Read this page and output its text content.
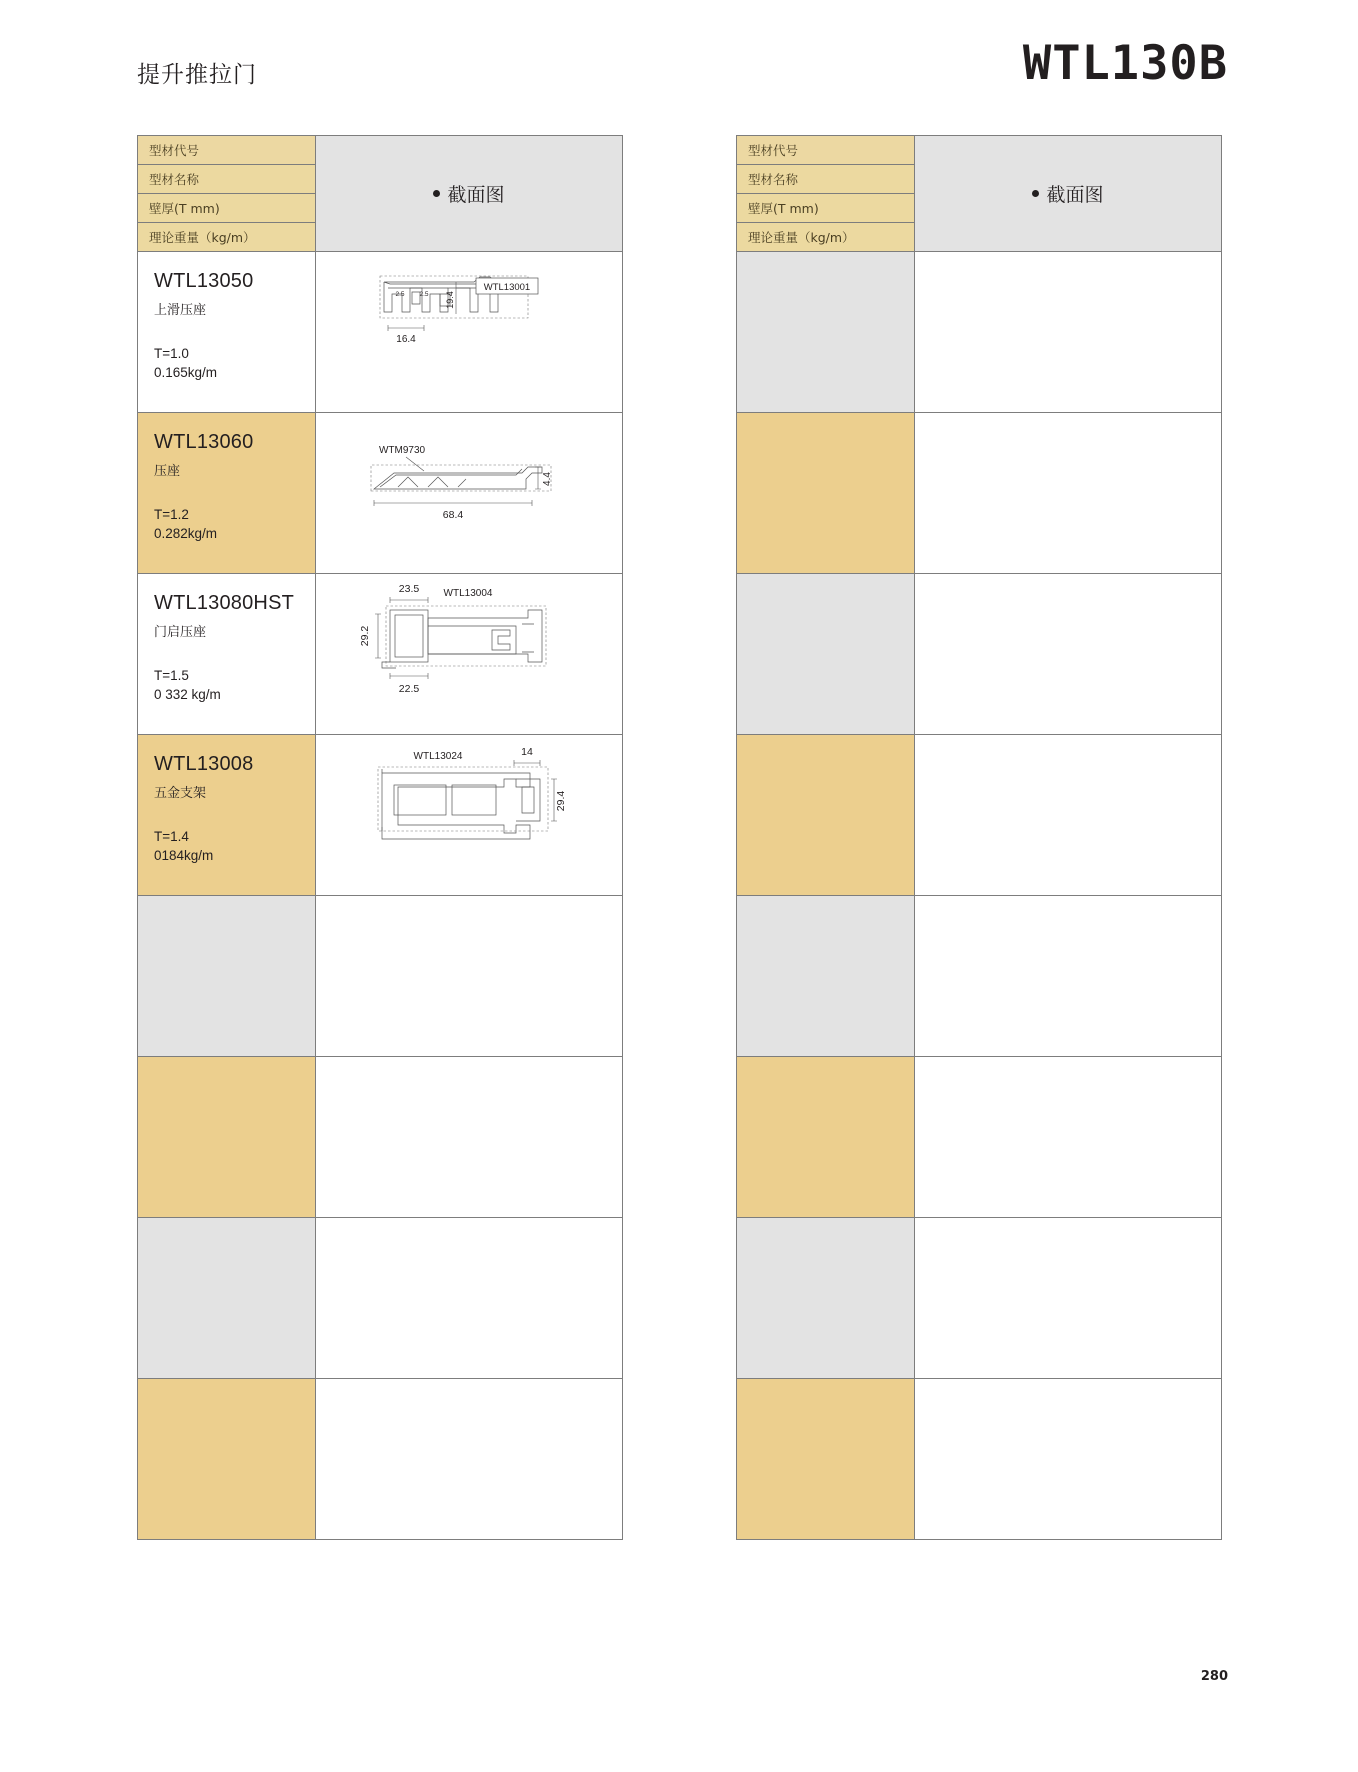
提升推拉门	WTL130B
型材代号	截面图
型材名称	
壁厚(T mm)	
理论重量（kg/m）	

WTL13050
上滑压座
T=1.0
0.165kg/m

WTL13001
19.4
2.5 2.5
16.4

WTL13060
压座
T=1.2
0.282kg/m

WTM9730
4.4
68.4

WTL13080HST
门启压座
T=1.5
0 332 kg/m

23.5 WTL13004
29.2
22.5

WTL13008
五金支架
T=1.4
0184kg/m

WTL13024	14
29.4

型材代号	截面图
型材名称	
壁厚(T mm)	
理论重量（kg/m）	

280
